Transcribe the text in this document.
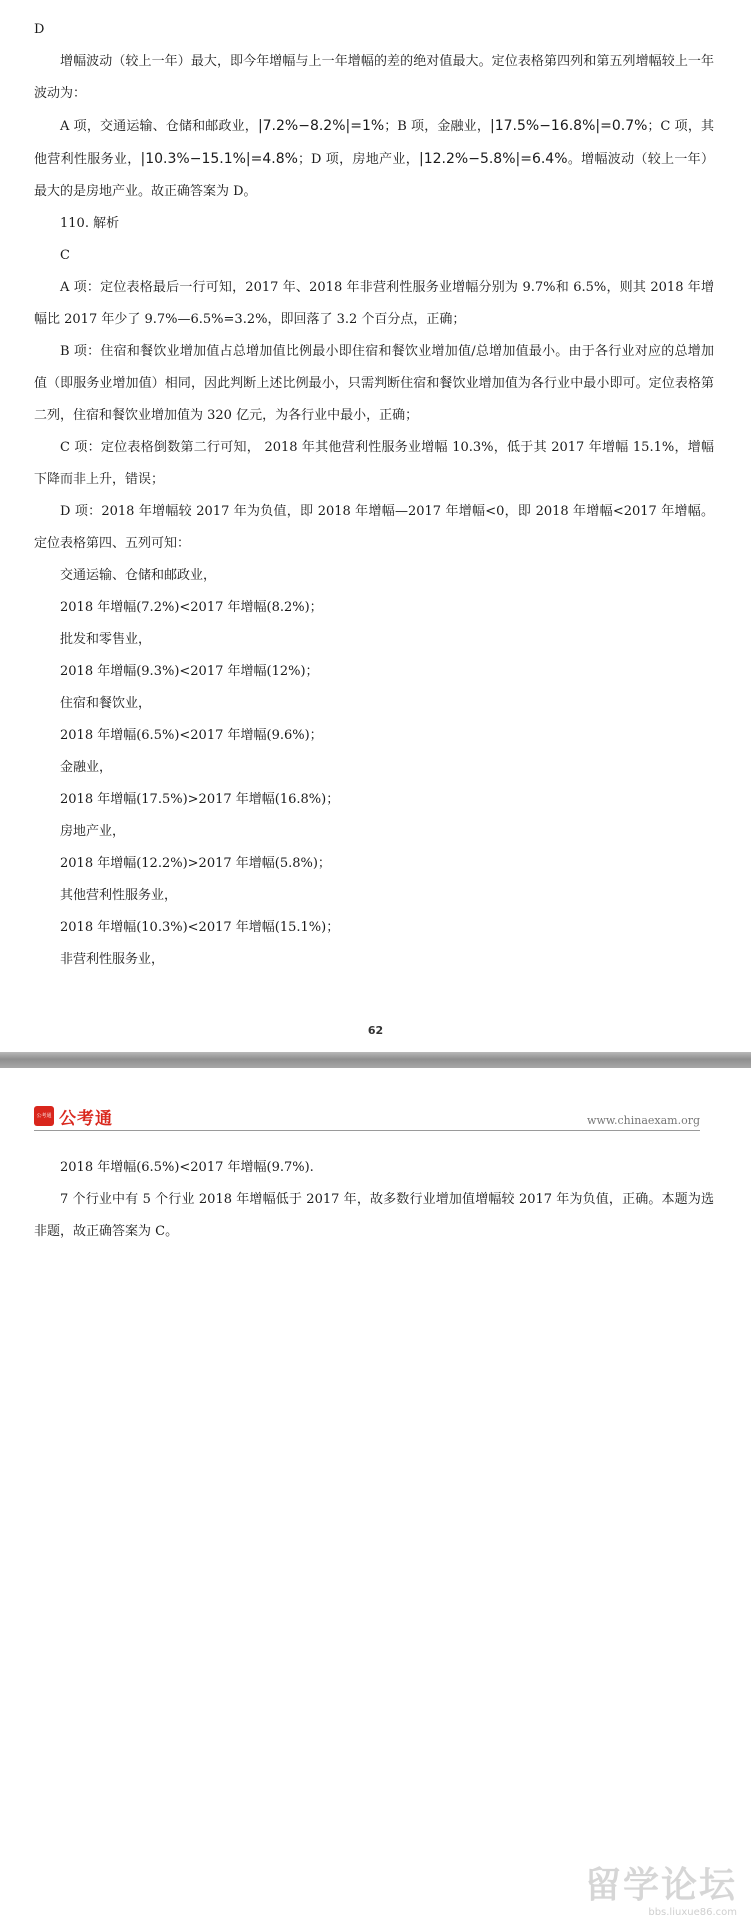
D

增幅波动（较上一年）最大，即今年增幅与上一年增幅的差的绝对值最大。定位表格第四列和第五列增幅较上一年波动为：

A 项，交通运输、仓储和邮政业，|7.2%−8.2%|=1%；B 项，金融业，|17.5%−16.8%|=0.7%；C 项，其他营利性服务业，|10.3%−15.1%|=4.8%；D 项，房地产业，|12.2%−5.8%|=6.4%。增幅波动（较上一年）最大的是房地产业。故正确答案为 D。

110. 解析

C

A 项：定位表格最后一行可知，2017 年、2018 年非营利性服务业增幅分别为 9.7%和 6.5%，则其 2018 年增幅比 2017 年少了 9.7%—6.5%=3.2%，即回落了 3.2 个百分点，正确；

B 项：住宿和餐饮业增加值占总增加值比例最小即住宿和餐饮业增加值/总增加值最小。由于各行业对应的总增加值（即服务业增加值）相同，因此判断上述比例最小，只需判断住宿和餐饮业增加值为各行业中最小即可。定位表格第二列，住宿和餐饮业增加值为 320 亿元，为各行业中最小，正确；

C 项：定位表格倒数第二行可知， 2018 年其他营利性服务业增幅 10.3%，低于其 2017 年增幅 15.1%，增幅下降而非上升，错误；

D 项：2018 年增幅较 2017 年为负值，即 2018 年增幅—2017 年增幅<0，即 2018 年增幅<2017 年增幅。定位表格第四、五列可知：

交通运输、仓储和邮政业，

2018 年增幅(7.2%)<2017 年增幅(8.2%)；

批发和零售业，

2018 年增幅(9.3%)<2017 年增幅(12%)；

住宿和餐饮业，

2018 年增幅(6.5%)<2017 年增幅(9.6%)；

金融业，

2018 年增幅(17.5%)>2017 年增幅(16.8%)；

房地产业，

2018 年增幅(12.2%)>2017 年增幅(5.8%)；

其他营利性服务业，

2018 年增幅(10.3%)<2017 年增幅(15.1%)；

非营利性服务业，

62
公考通 公考通	www.chinaexam.org

2018 年增幅(6.5%)<2017 年增幅(9.7%).

7 个行业中有 5 个行业 2018 年增幅低于 2017 年，故多数行业增加值增幅较 2017 年为负值，正确。本题为选非题，故正确答案为 C。

留学论坛
bbs.liuxue86.com
